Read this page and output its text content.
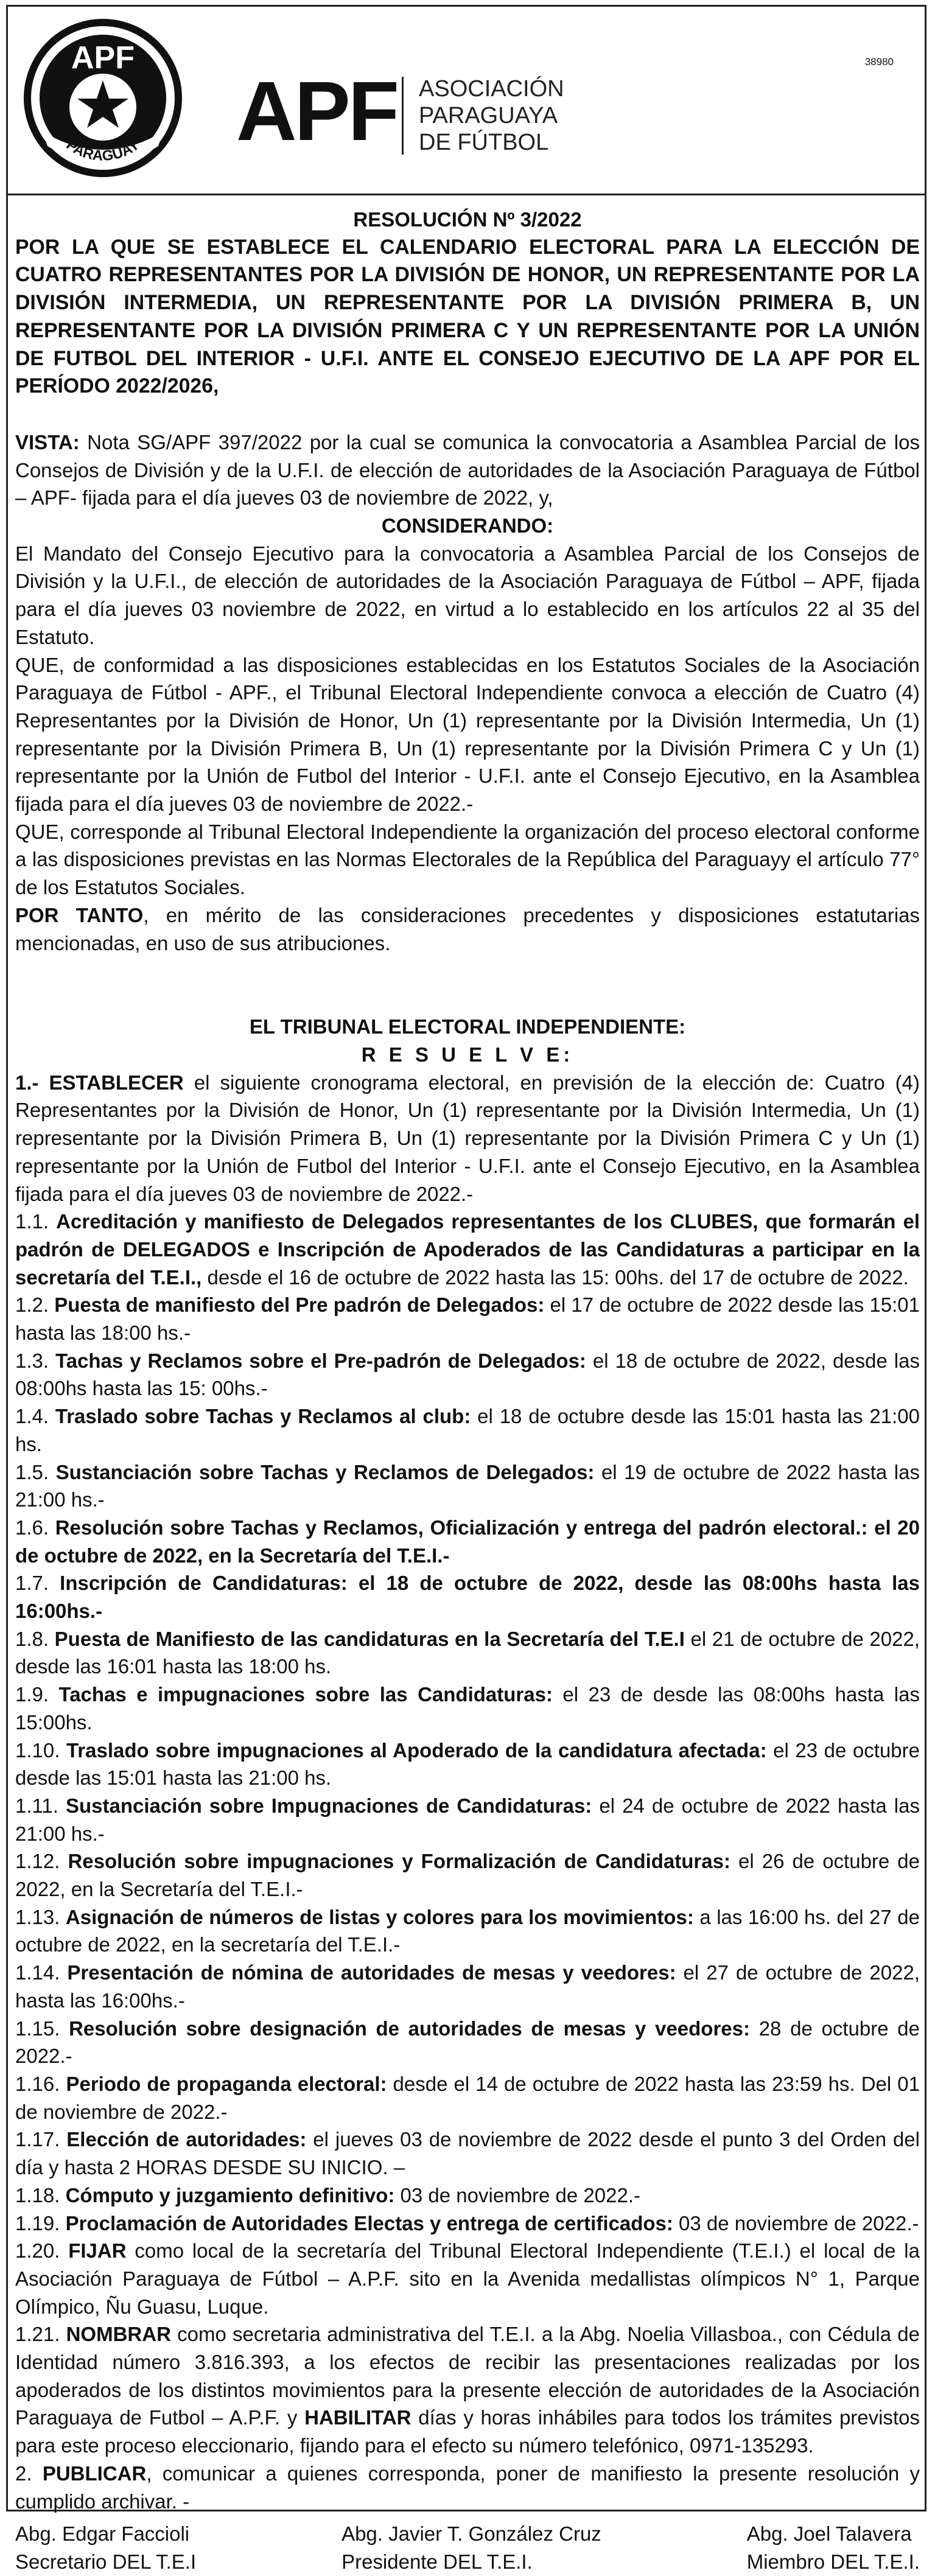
APF
PARAGUAY APF ASOCIACIÓN
PARAGUAYA
DE FÚTBOL
38980

RESOLUCIÓN Nº 3/2022

POR LA QUE SE ESTABLECE EL CALENDARIO ELECTORAL PARA LA ELECCIÓN DE CUATRO REPRESENTANTES POR LA DIVISIÓN DE HONOR, UN REPRESENTANTE POR LA DIVISIÓN INTERMEDIA, UN REPRESENTANTE POR LA DIVISIÓN PRIMERA B, UN REPRESENTANTE POR LA DIVISIÓN PRIMERA C Y UN REPRESENTANTE POR LA UNIÓN DE FUTBOL DEL INTERIOR - U.F.I. ANTE EL CONSEJO EJECUTIVO DE LA APF POR EL PERÍODO 2022/2026,

VISTA: Nota SG/APF 397/2022 por la cual se comunica la convocatoria a Asamblea Parcial de los Consejos de División y de la U.F.I. de elección de autoridades de la Asociación Paraguaya de Fútbol – APF- fijada para el día jueves 03 de noviembre de 2022, y,

CONSIDERANDO:

El Mandato del Consejo Ejecutivo para la convocatoria a Asamblea Parcial de los Consejos de División y la U.F.I., de elección de autoridades de la Asociación Paraguaya de Fútbol – APF, fijada para el día jueves 03 noviembre de 2022, en virtud a lo establecido en los artículos 22 al 35 del Estatuto.

QUE, de conformidad a las disposiciones establecidas en los Estatutos Sociales de la Asociación Paraguaya de Fútbol - APF., el Tribunal Electoral Independiente convoca a elección de Cuatro (4) Representantes por la División de Honor, Un (1) representante por la División Intermedia, Un (1) representante por la División Primera B, Un (1) representante por la División Primera C y Un (1) representante por la Unión de Futbol del Interior - U.F.I. ante el Consejo Ejecutivo, en la Asamblea fijada para el día jueves 03 de noviembre de 2022.-

QUE, corresponde al Tribunal Electoral Independiente la organización del proceso electoral conforme a las disposiciones previstas en las Normas Electorales de la República del Paraguayy el artículo 77° de los Estatutos Sociales.

POR TANTO, en mérito de las consideraciones precedentes y disposiciones estatutarias mencionadas, en uso de sus atribuciones.

EL TRIBUNAL ELECTORAL INDEPENDIENTE:

R E S U E L V E:

1.- ESTABLECER el siguiente cronograma electoral, en previsión de la elección de: Cuatro (4) Representantes por la División de Honor, Un (1) representante por la División Intermedia, Un (1) representante por la División Primera B, Un (1) representante por la División Primera C y Un (1) representante por la Unión de Futbol del Interior - U.F.I. ante el Consejo Ejecutivo, en la Asamblea fijada para el día jueves 03 de noviembre de 2022.-

1.1. Acreditación y manifiesto de Delegados representantes de los CLUBES, que formarán el padrón de DELEGADOS e Inscripción de Apoderados de las Candidaturas a participar en la secretaría del T.E.I., desde el 16 de octubre de 2022 hasta las 15: 00hs. del 17 de octubre de 2022.

1.2. Puesta de manifiesto del Pre padrón de Delegados: el 17 de octubre de 2022 desde las 15:01 hasta las 18:00 hs.-

1.3. Tachas y Reclamos sobre el Pre-padrón de Delegados: el 18 de octubre de 2022, desde las 08:00hs hasta las 15: 00hs.-

1.4. Traslado sobre Tachas y Reclamos al club: el 18 de octubre desde las 15:01 hasta las 21:00 hs.

1.5. Sustanciación sobre Tachas y Reclamos de Delegados: el 19 de octubre de 2022 hasta las 21:00 hs.-

1.6. Resolución sobre Tachas y Reclamos, Oficialización y entrega del padrón electoral.: el 20 de octubre de 2022, en la Secretaría del T.E.I.-

1.7. Inscripción de Candidaturas: el 18 de octubre de 2022, desde las 08:00hs hasta las 16:00hs.-

1.8. Puesta de Manifiesto de las candidaturas en la Secretaría del T.E.I el 21 de octubre de 2022, desde las 16:01 hasta las 18:00 hs.

1.9. Tachas e impugnaciones sobre las Candidaturas: el 23 de desde las 08:00hs hasta las 15:00hs.

1.10. Traslado sobre impugnaciones al Apoderado de la candidatura afectada: el 23 de octubre desde las 15:01 hasta las 21:00 hs.

1.11. Sustanciación sobre Impugnaciones de Candidaturas: el 24 de octubre de 2022 hasta las 21:00 hs.-

1.12. Resolución sobre impugnaciones y Formalización de Candidaturas: el 26 de octubre de 2022, en la Secretaría del T.E.I.-

1.13. Asignación de números de listas y colores para los movimientos: a las 16:00 hs. del 27 de octubre de 2022, en la secretaría del T.E.I.-

1.14. Presentación de nómina de autoridades de mesas y veedores: el 27 de octubre de 2022, hasta las 16:00hs.-

1.15. Resolución sobre designación de autoridades de mesas y veedores: 28 de octubre de 2022.-

1.16. Periodo de propaganda electoral: desde el 14 de octubre de 2022 hasta las 23:59 hs. Del 01 de noviembre de 2022.-

1.17. Elección de autoridades: el jueves 03 de noviembre de 2022 desde el punto 3 del Orden del día y hasta 2 HORAS DESDE SU INICIO. –

1.18. Cómputo y juzgamiento definitivo: 03 de noviembre de 2022.-

1.19. Proclamación de Autoridades Electas y entrega de certificados: 03 de noviembre de 2022.-

1.20. FIJAR como local de la secretaría del Tribunal Electoral Independiente (T.E.I.) el local de la Asociación Paraguaya de Fútbol – A.P.F. sito en la Avenida medallistas olímpicos N° 1, Parque Olímpico, Ñu Guasu, Luque.

1.21. NOMBRAR como secretaria administrativa del T.E.I. a la Abg. Noelia Villasboa., con Cédula de Identidad número 3.816.393, a los efectos de recibir las presentaciones realizadas por los apoderados de los distintos movimientos para la presente elección de autoridades de la Asociación Paraguaya de Futbol – A.P.F. y HABILITAR días y horas inhábiles para todos los trámites previstos para este proceso eleccionario, fijando para el efecto su número telefónico, 0971-135293.

2. PUBLICAR, comunicar a quienes corresponda, poner de manifiesto la presente resolución y cumplido archivar. -

Abg. Edgar Faccioli
Secretario DEL T.E.I
Abg. Javier T. González Cruz
Presidente DEL T.E.I.
Abg. Joel Talavera
Miembro DEL T.E.I.
